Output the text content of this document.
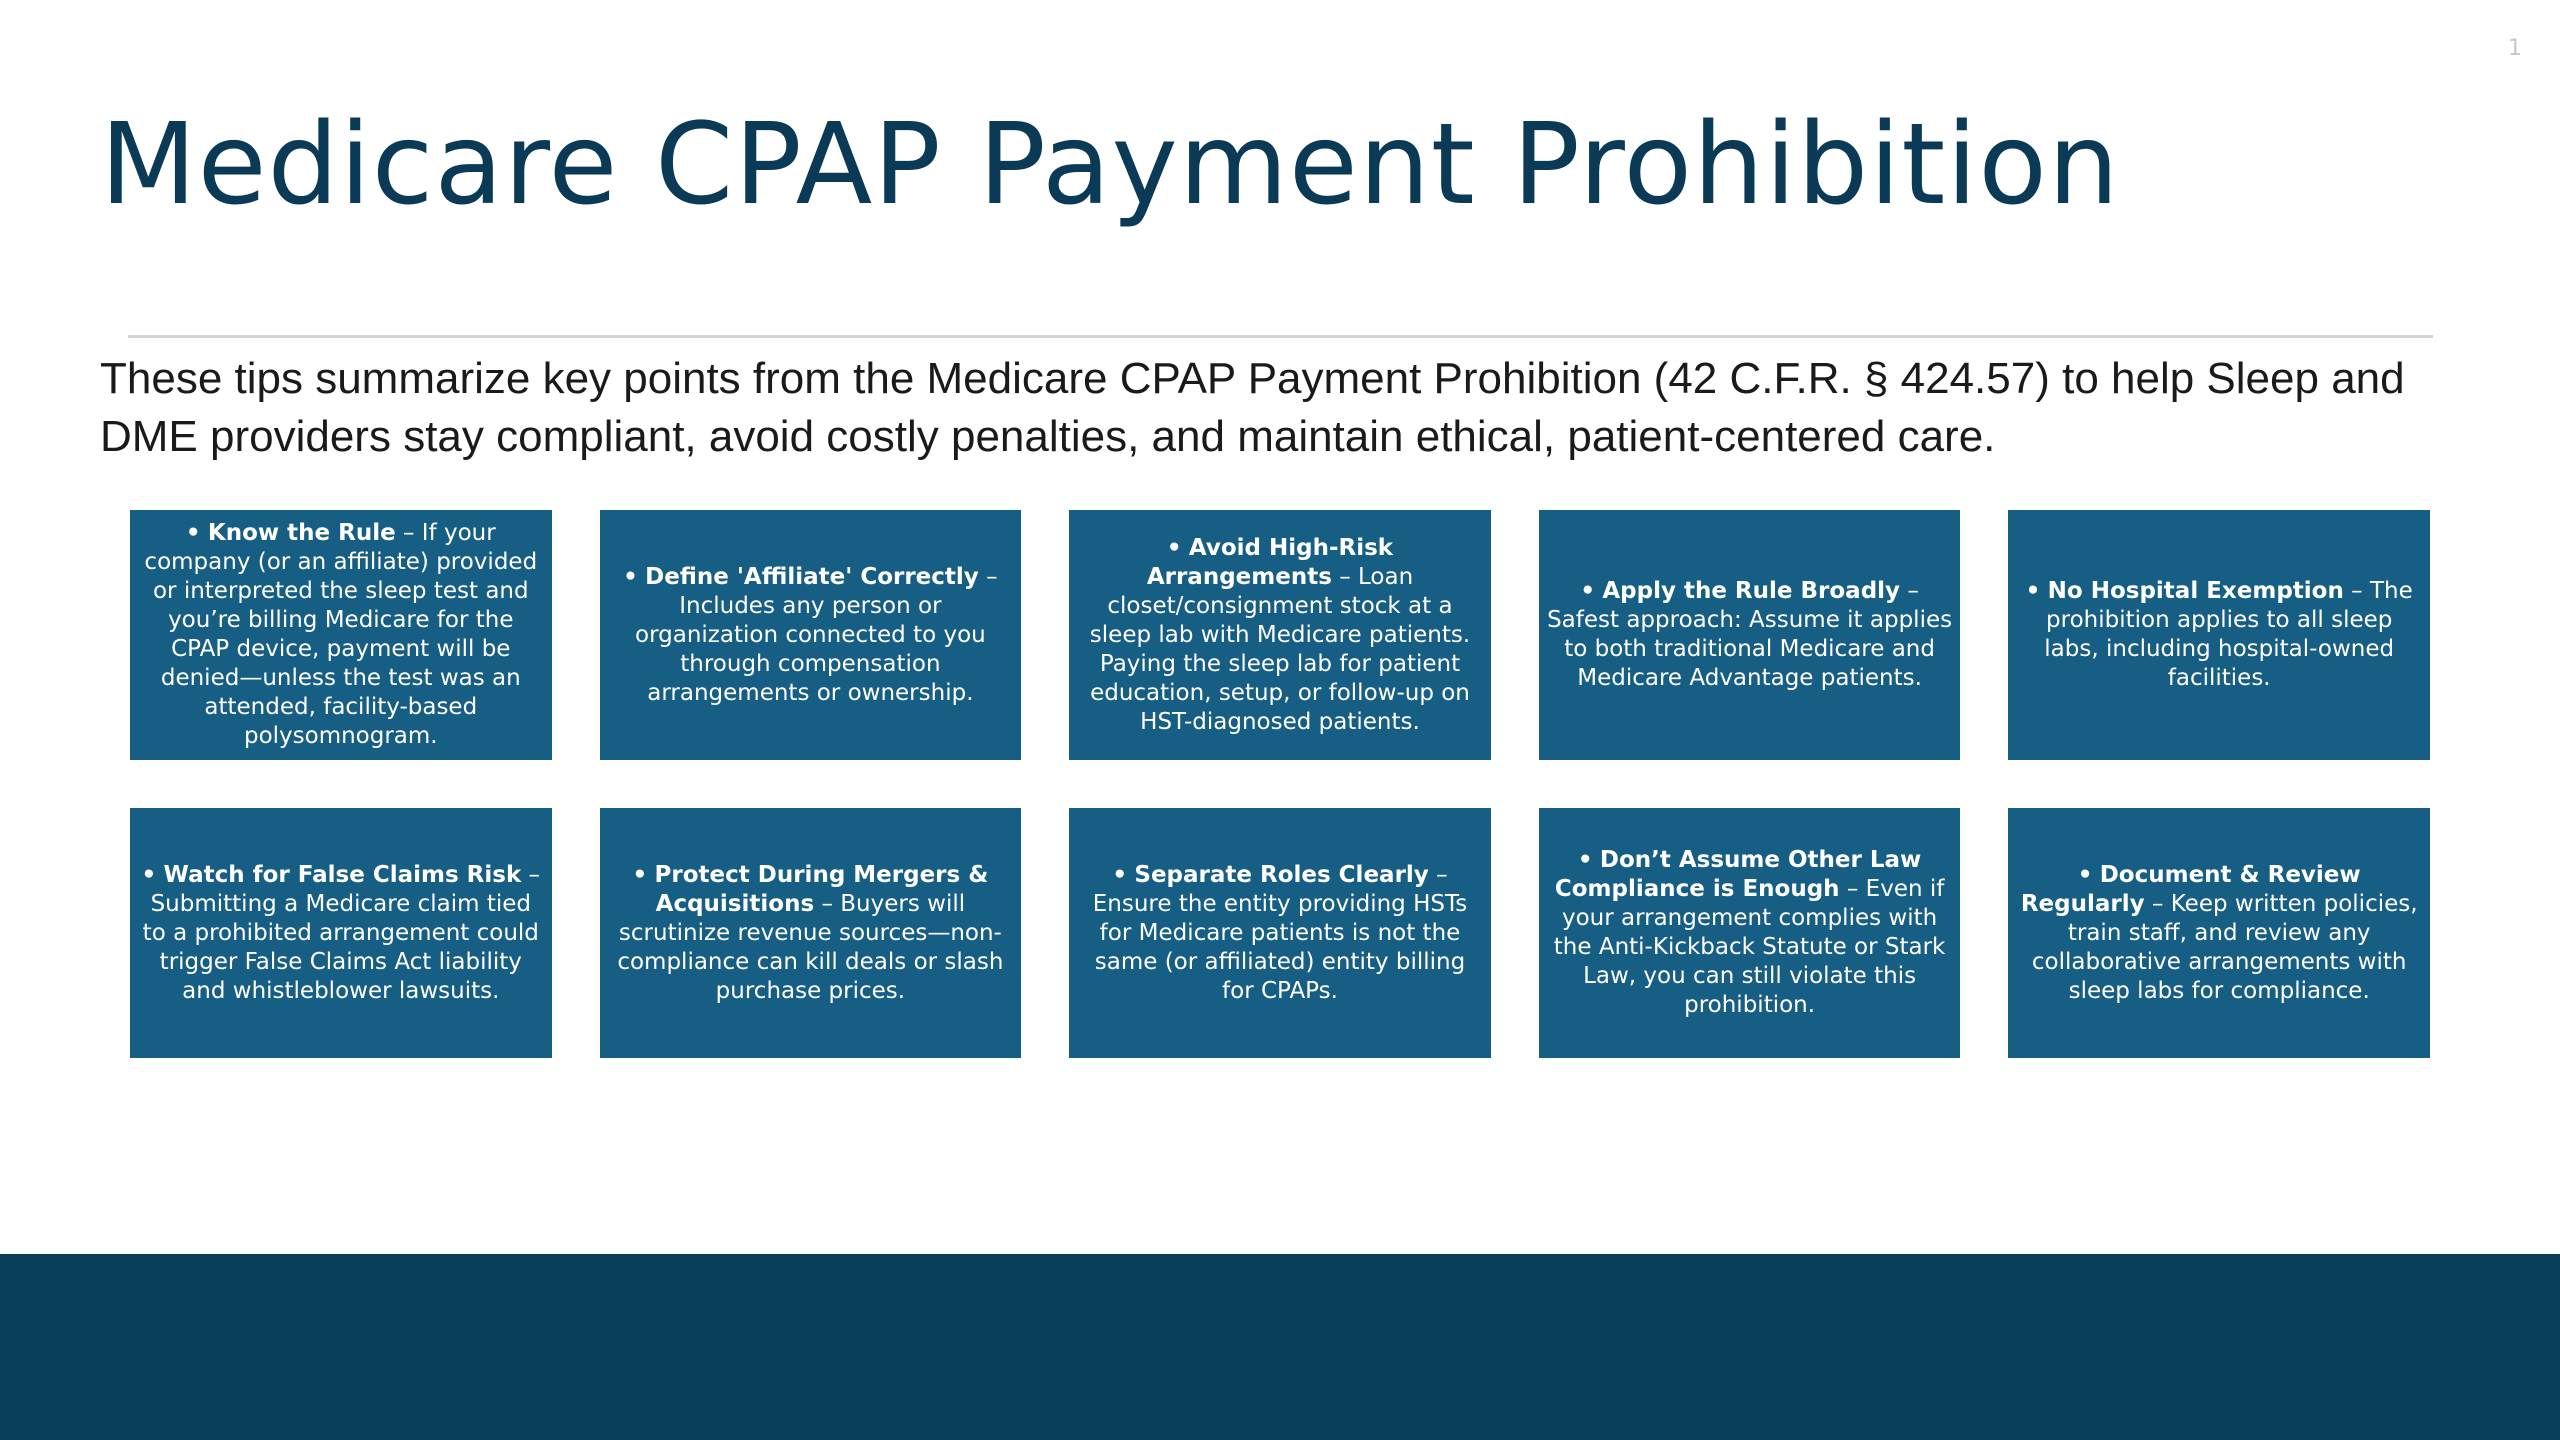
1
Medicare CPAP Payment Prohibition

These tips summarize key points from the Medicare CPAP Payment Prohibition (42 C.F.R. § 424.57) to help Sleep and DME providers stay compliant, avoid costly penalties, and maintain ethical, patient-centered care.

• Know the Rule – If your company (or an affiliate) provided or interpreted the sleep test and you’re billing Medicare for the CPAP device, payment will be denied—unless the test was an attended, facility-based polysomnogram.
• Define 'Affiliate' Correctly – Includes any person or organization connected to you through compensation arrangements or ownership.
• Avoid High-Risk Arrangements – Loan closet/consignment stock at a sleep lab with Medicare patients. Paying the sleep lab for patient education, setup, or follow-up on HST-diagnosed patients.
• Apply the Rule Broadly – Safest approach: Assume it applies to both traditional Medicare and Medicare Advantage patients.
• No Hospital Exemption – The prohibition applies to all sleep labs, including hospital-owned facilities.
• Watch for False Claims Risk – Submitting a Medicare claim tied to a prohibited arrangement could trigger False Claims Act liability and whistleblower lawsuits.
• Protect During Mergers & Acquisitions – Buyers will scrutinize revenue sources—non-compliance can kill deals or slash purchase prices.
• Separate Roles Clearly – Ensure the entity providing HSTs for Medicare patients is not the same (or affiliated) entity billing for CPAPs.
• Don’t Assume Other Law Compliance is Enough – Even if your arrangement complies with the Anti-Kickback Statute or Stark Law, you can still violate this prohibition.
• Document & Review Regularly – Keep written policies, train staff, and review any collaborative arrangements with sleep labs for compliance.
